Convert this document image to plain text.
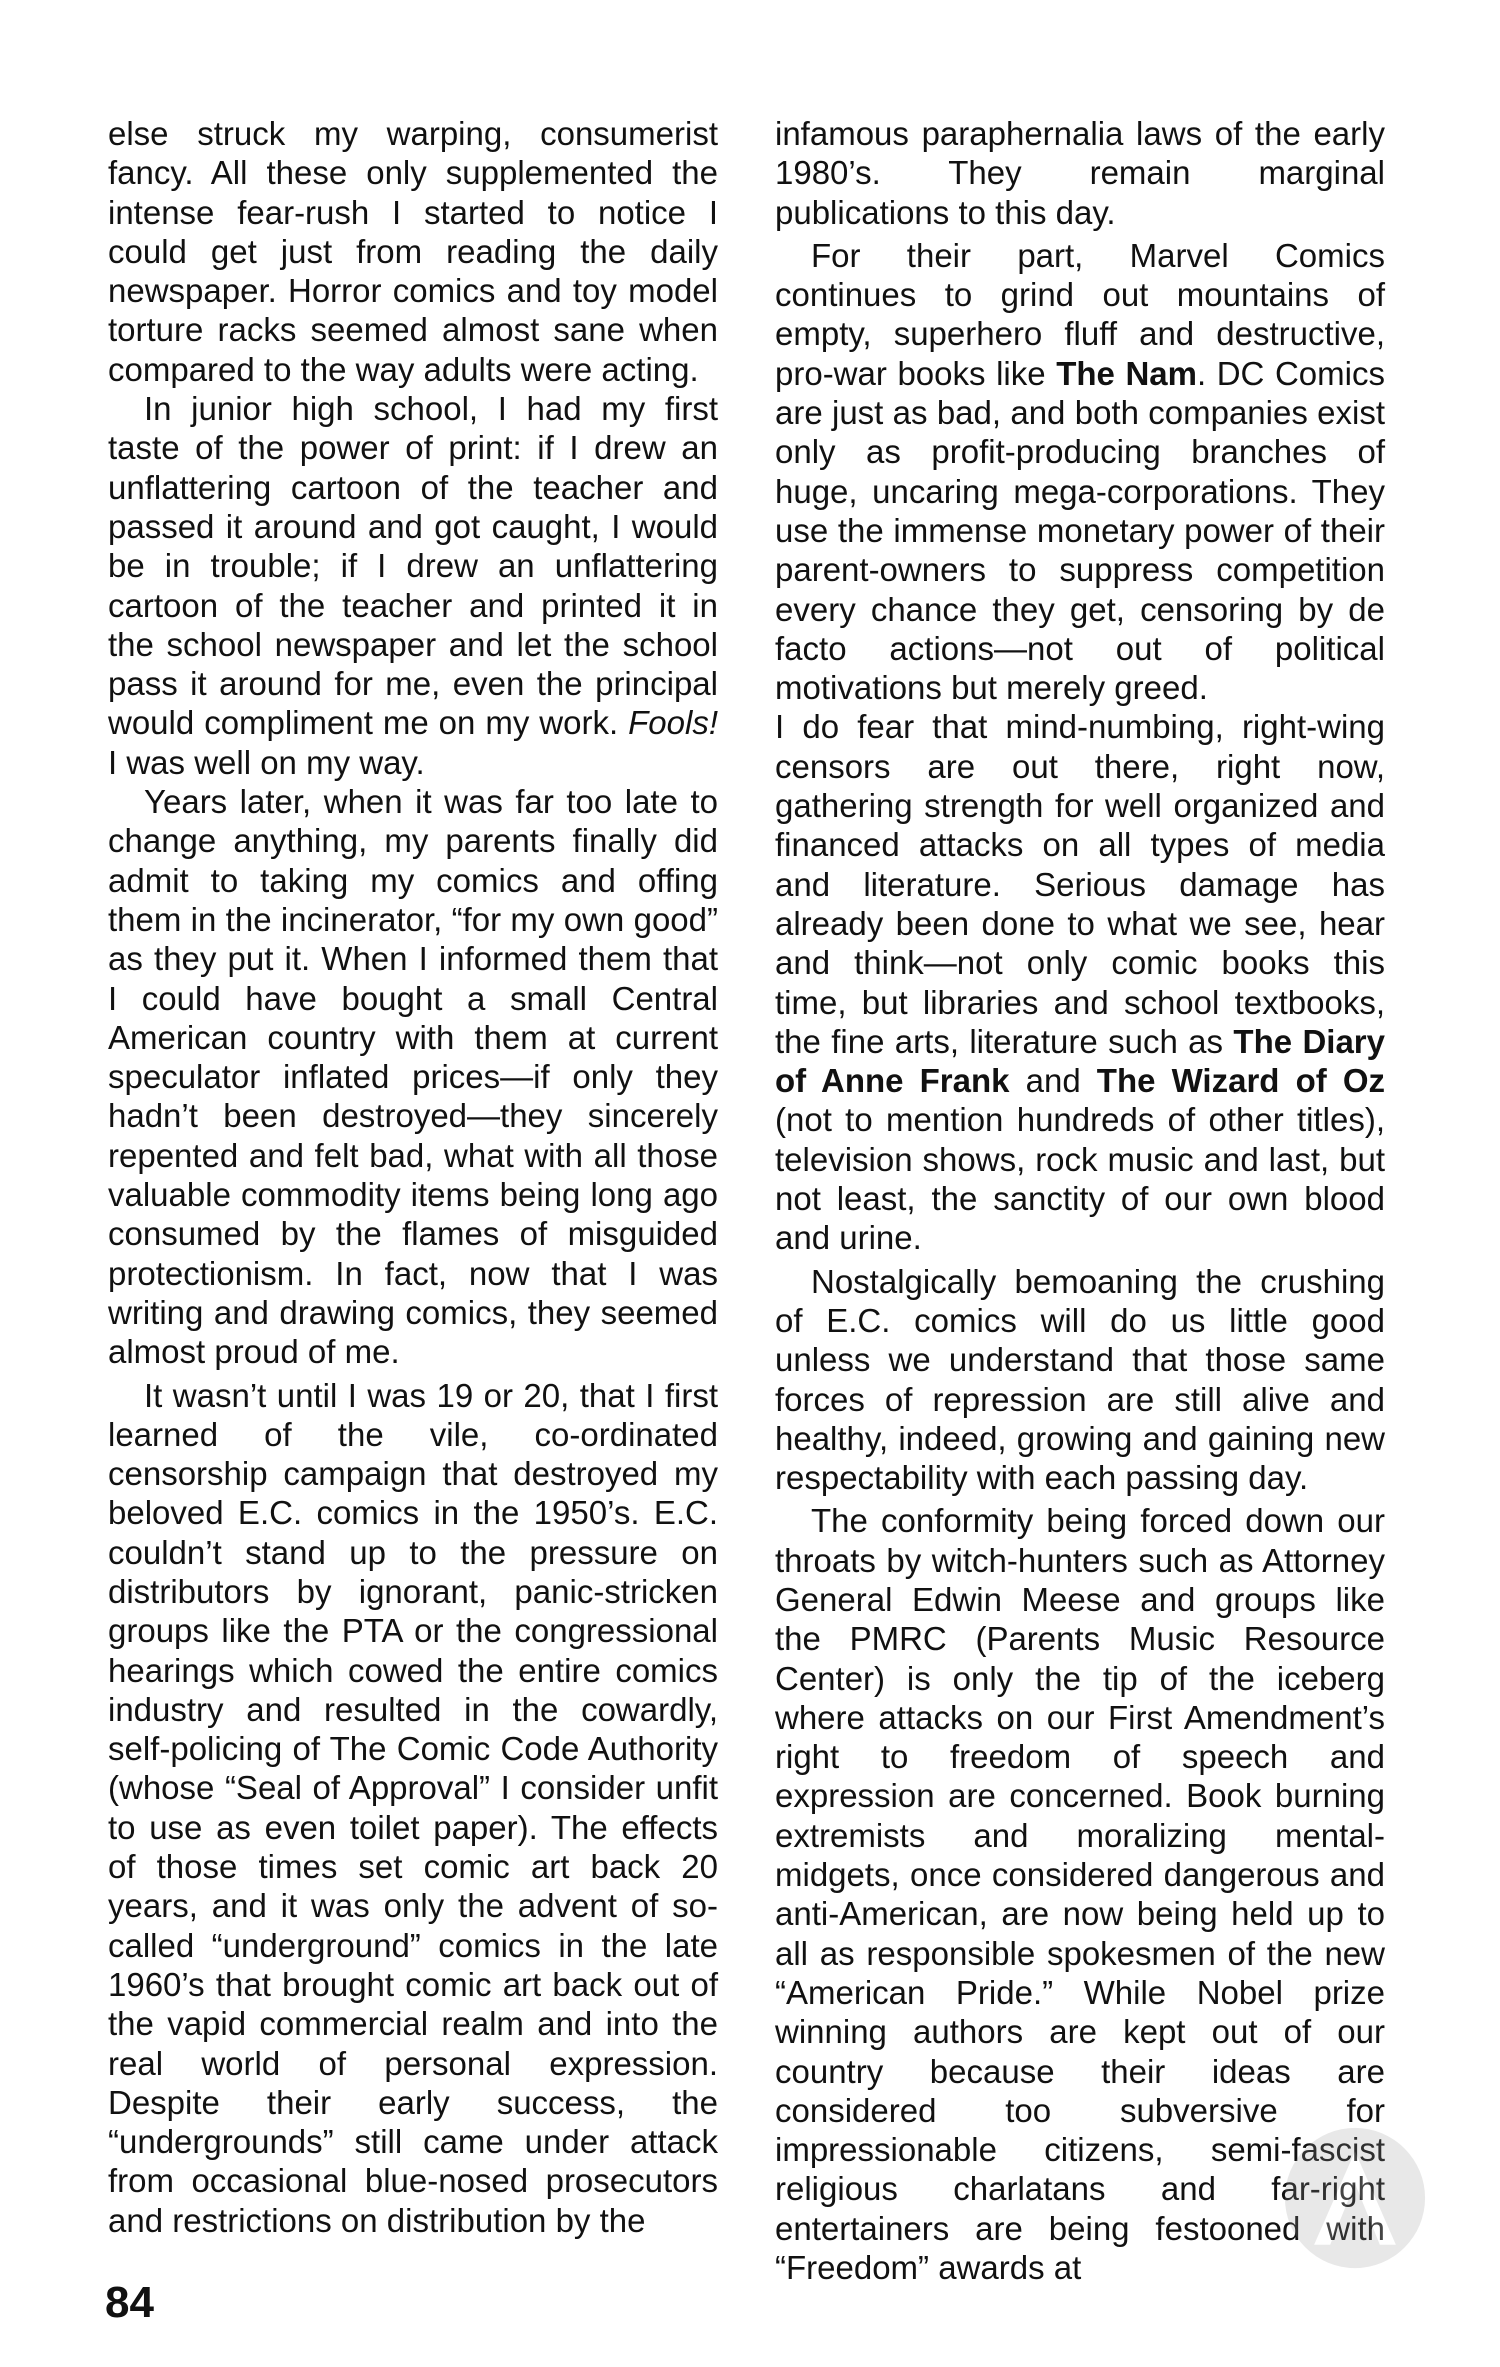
else struck my warping, consumerist fancy. All these only supplemented the intense fear-rush I started to notice I could get just from reading the daily newspaper. Horror comics and toy model torture racks seemed almost sane when compared to the way adults were acting.

In junior high school, I had my first taste of the power of print: if I drew an unflattering cartoon of the teacher and passed it around and got caught, I would be in trouble; if I drew an unflattering cartoon of the teacher and printed it in the school newspaper and let the school pass it around for me, even the principal would compliment me on my work. Fools! I was well on my way.

Years later, when it was far too late to change anything, my parents finally did admit to taking my comics and offing them in the incinerator, “for my own good” as they put it. When I informed them that I could have bought a small Central American country with them at current speculator inflated prices—if only they hadn’t been destroyed—they sincerely repented and felt bad, what with all those valuable commodity items being long ago consumed by the flames of misguided protectionism. In fact, now that I was writing and drawing comics, they seemed almost proud of me.

It wasn’t until I was 19 or 20, that I first learned of the vile, co-ordinated censorship campaign that destroyed my beloved E.C. comics in the 1950’s. E.C. couldn’t stand up to the pressure on distributors by ignorant, panic-stricken groups like the PTA or the congressional hearings which cowed the entire comics industry and resulted in the cowardly, self-policing of The Comic Code Authority (whose “Seal of Approval” I consider unfit to use as even toilet paper). The effects of those times set comic art back 20 years, and it was only the advent of so-called “underground” comics in the late 1960’s that brought comic art back out of the vapid commercial realm and into the real world of personal expression. Despite their early success, the “undergrounds” still came under attack from occasional blue-nosed prosecutors and restrictions on distribution by the

infamous paraphernalia laws of the early 1980’s. They remain marginal publications to this day.

For their part, Marvel Comics continues to grind out mountains of empty, superhero fluff and destructive, pro-war books like The Nam. DC Comics are just as bad, and both companies exist only as profit-producing branches of huge, uncaring mega-corporations. They use the immense monetary power of their parent-owners to suppress competition every chance they get, censoring by de facto actions—not out of political motivations but merely greed.

I do fear that mind-numbing, right-wing censors are out there, right now, gathering strength for well organized and financed attacks on all types of media and literature. Serious damage has already been done to what we see, hear and think—not only comic books this time, but libraries and school textbooks, the fine arts, literature such as The Diary of Anne Frank and The Wizard of Oz (not to mention hundreds of other titles), television shows, rock music and last, but not least, the sanctity of our own blood and urine.

Nostalgically bemoaning the crushing of E.C. comics will do us little good unless we understand that those same forces of repression are still alive and healthy, indeed, growing and gaining new respectability with each passing day.

The conformity being forced down our throats by witch-hunters such as Attorney General Edwin Meese and groups like the PMRC (Parents Music Resource Center) is only the tip of the iceberg where attacks on our First Amendment’s right to freedom of speech and expression are concerned. Book burning extremists and moralizing mental-midgets, once considered dangerous and anti-American, are now being held up to all as responsible spokesmen of the new “American Pride.” While Nobel prize winning authors are kept out of our country because their ideas are considered too subversive for impressionable citizens, semi-fascist religious charlatans and far-right entertainers are being festooned with “Freedom” awards at

84
